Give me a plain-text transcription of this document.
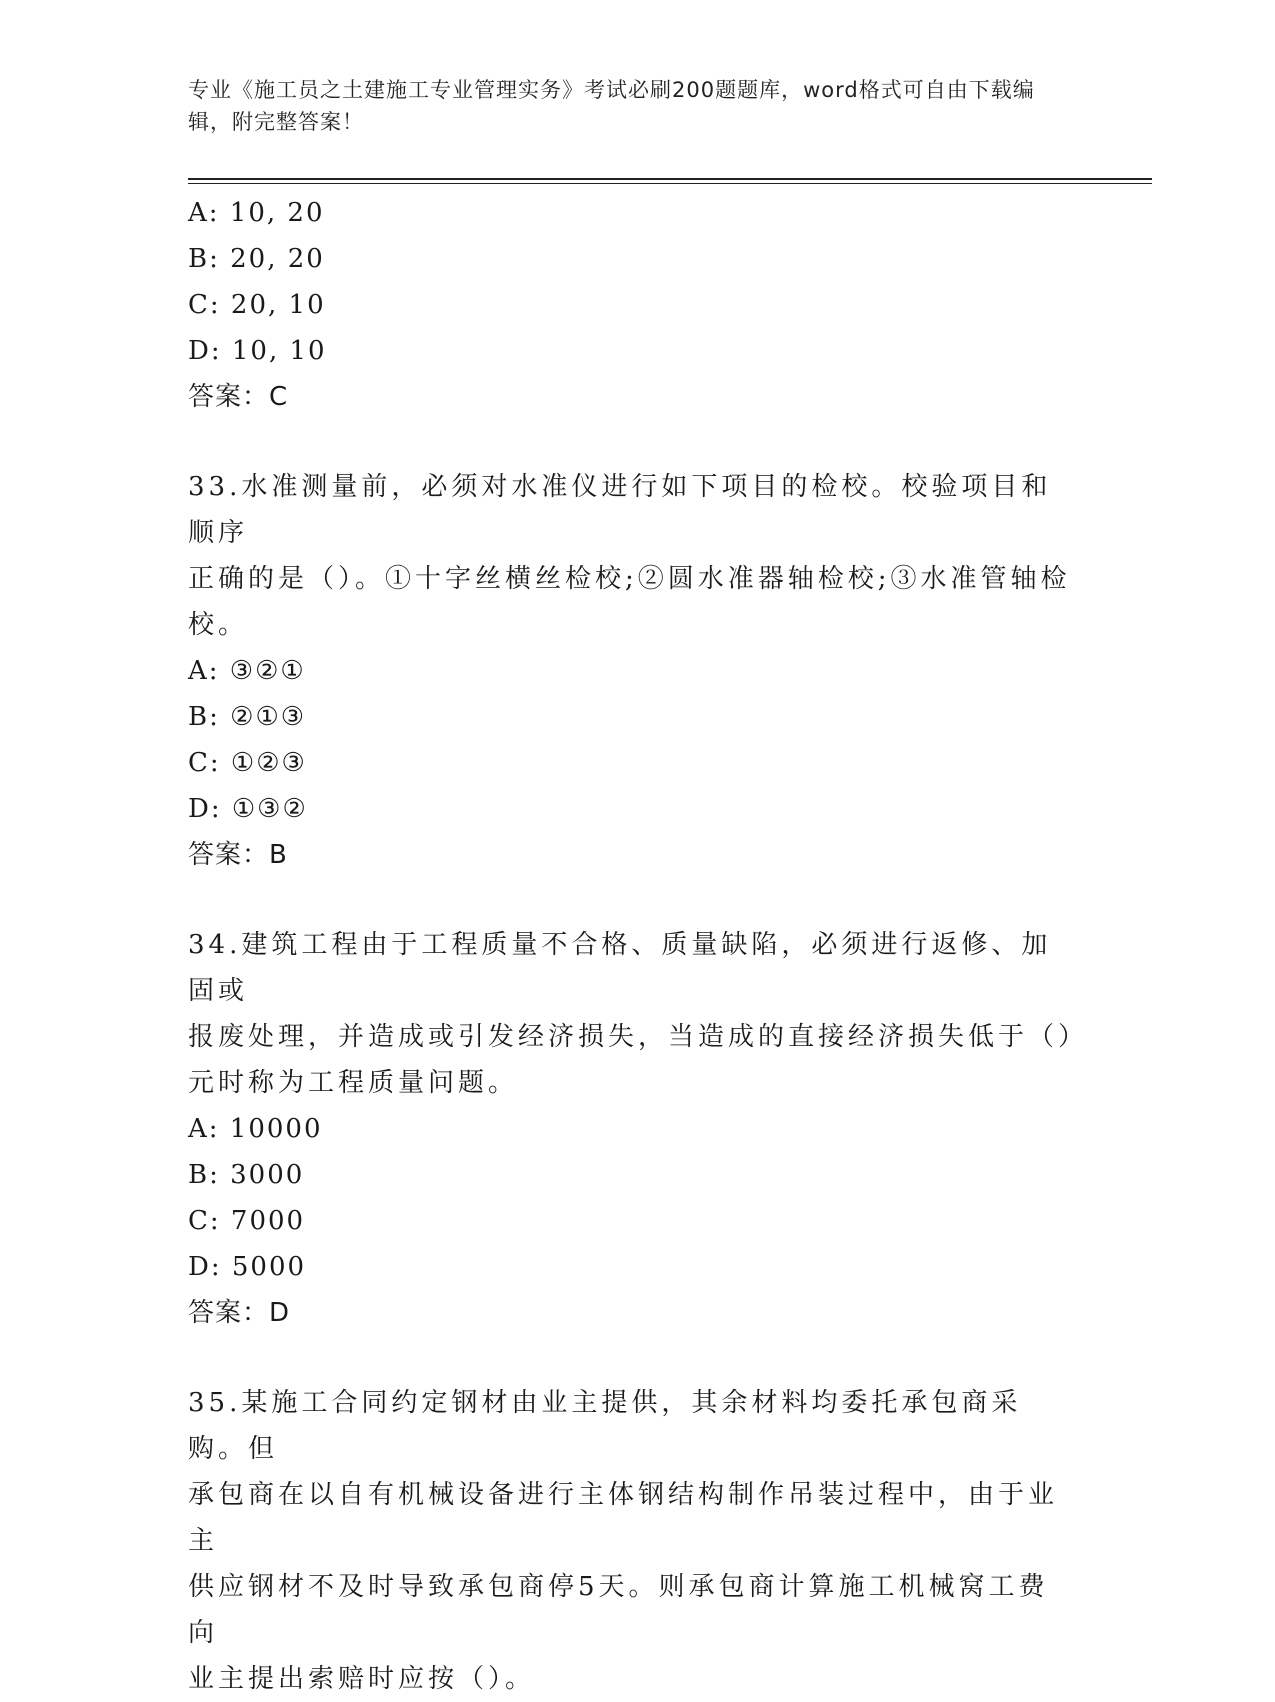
专业《施工员之土建施工专业管理实务》考试必刷200题题库，word格式可自由下载编辑，附完整答案！
A: 10, 20
B: 20, 20
C: 20, 10
D: 10, 10
答案：C
33.水准测量前，必须对水准仪进行如下项目的检校。校验项目和顺序
正确的是（）。①十字丝横丝检校;②圆水准器轴检校;③水准管轴检
校。
A: ③②①
B: ②①③
C: ①②③
D: ①③②
答案：B
34.建筑工程由于工程质量不合格、质量缺陷，必须进行返修、加固或
报废处理，并造成或引发经济损失，当造成的直接经济损失低于（）
元时称为工程质量问题。
A: 10000
B: 3000
C: 7000
D: 5000
答案：D
35.某施工合同约定钢材由业主提供，其余材料均委托承包商采购。但
承包商在以自有机械设备进行主体钢结构制作吊装过程中，由于业主
供应钢材不及时导致承包商停5天。则承包商计算施工机械窝工费向
业主提出索赔时应按（）。
